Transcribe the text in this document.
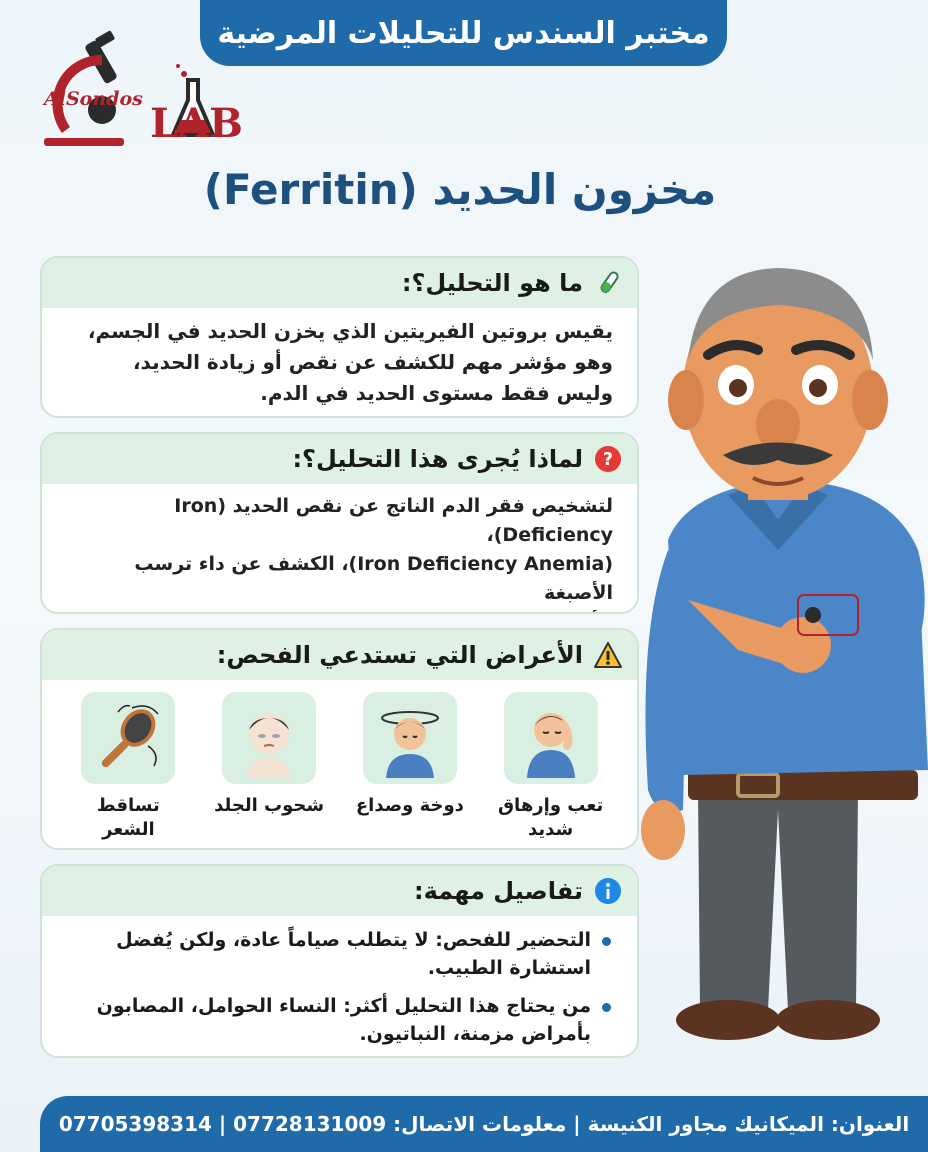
مختبر السندس للتحليلات المرضية
AlSondos
LAB
مخزون الحديد (Ferritin)
ما هو التحليل؟:
يقيس بروتين الفيريتين الذي يخزن الحديد في الجسم،
وهو مؤشر مهم للكشف عن نقص أو زيادة الحديد،
وليس فقط مستوى الحديد في الدم.
?
لماذا يُجرى هذا التحليل؟:
لتشخيص فقر الدم الناتج عن نقص الحديد (Iron Deficiency)،
(Iron Deficiency Anemia)، الكشف عن داء ترسب الأصبغة
الأعراض التي تستدعي الفحص:
تعب وإرهاق شديد
دوخة وصداع
شحوب الجلد
تساقط الشعر
تفاصيل مهمة:
التحضير للفحص: لا يتطلب صياماً عادة، ولكن يُفضل استشارة الطبيب.
من يحتاج هذا التحليل أكثر: النساء الحوامل، المصابون بأمراض مزمنة، النباتيون.
العنوان: الميكانيك مجاور الكنيسة | معلومات الاتصال: 07728131009 | 07705398314
